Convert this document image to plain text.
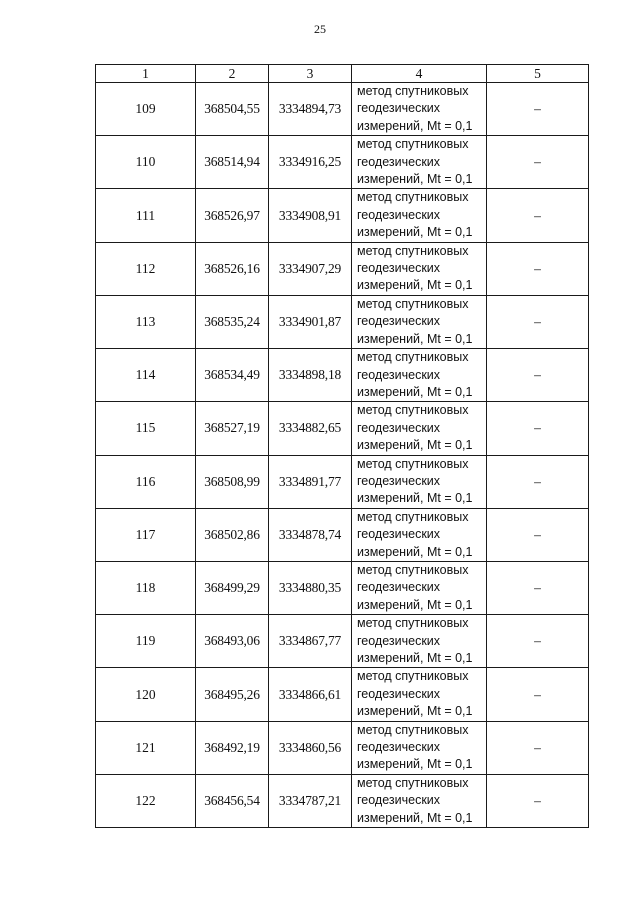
25
1	2	3	4	5
109	368504,55	3334894,73	метод спутниковых
геодезических
измерений, Mt = 0,1	–
110	368514,94	3334916,25	метод спутниковых
геодезических
измерений, Mt = 0,1	–
111	368526,97	3334908,91	метод спутниковых
геодезических
измерений, Mt = 0,1	–
112	368526,16	3334907,29	метод спутниковых
геодезических
измерений, Mt = 0,1	–
113	368535,24	3334901,87	метод спутниковых
геодезических
измерений, Mt = 0,1	–
114	368534,49	3334898,18	метод спутниковых
геодезических
измерений, Mt = 0,1	–
115	368527,19	3334882,65	метод спутниковых
геодезических
измерений, Mt = 0,1	–
116	368508,99	3334891,77	метод спутниковых
геодезических
измерений, Mt = 0,1	–
117	368502,86	3334878,74	метод спутниковых
геодезических
измерений, Mt = 0,1	–
118	368499,29	3334880,35	метод спутниковых
геодезических
измерений, Mt = 0,1	–
119	368493,06	3334867,77	метод спутниковых
геодезических
измерений, Mt = 0,1	–
120	368495,26	3334866,61	метод спутниковых
геодезических
измерений, Mt = 0,1	–
121	368492,19	3334860,56	метод спутниковых
геодезических
измерений, Mt = 0,1	–
122	368456,54	3334787,21	метод спутниковых
геодезических
измерений, Mt = 0,1	–
